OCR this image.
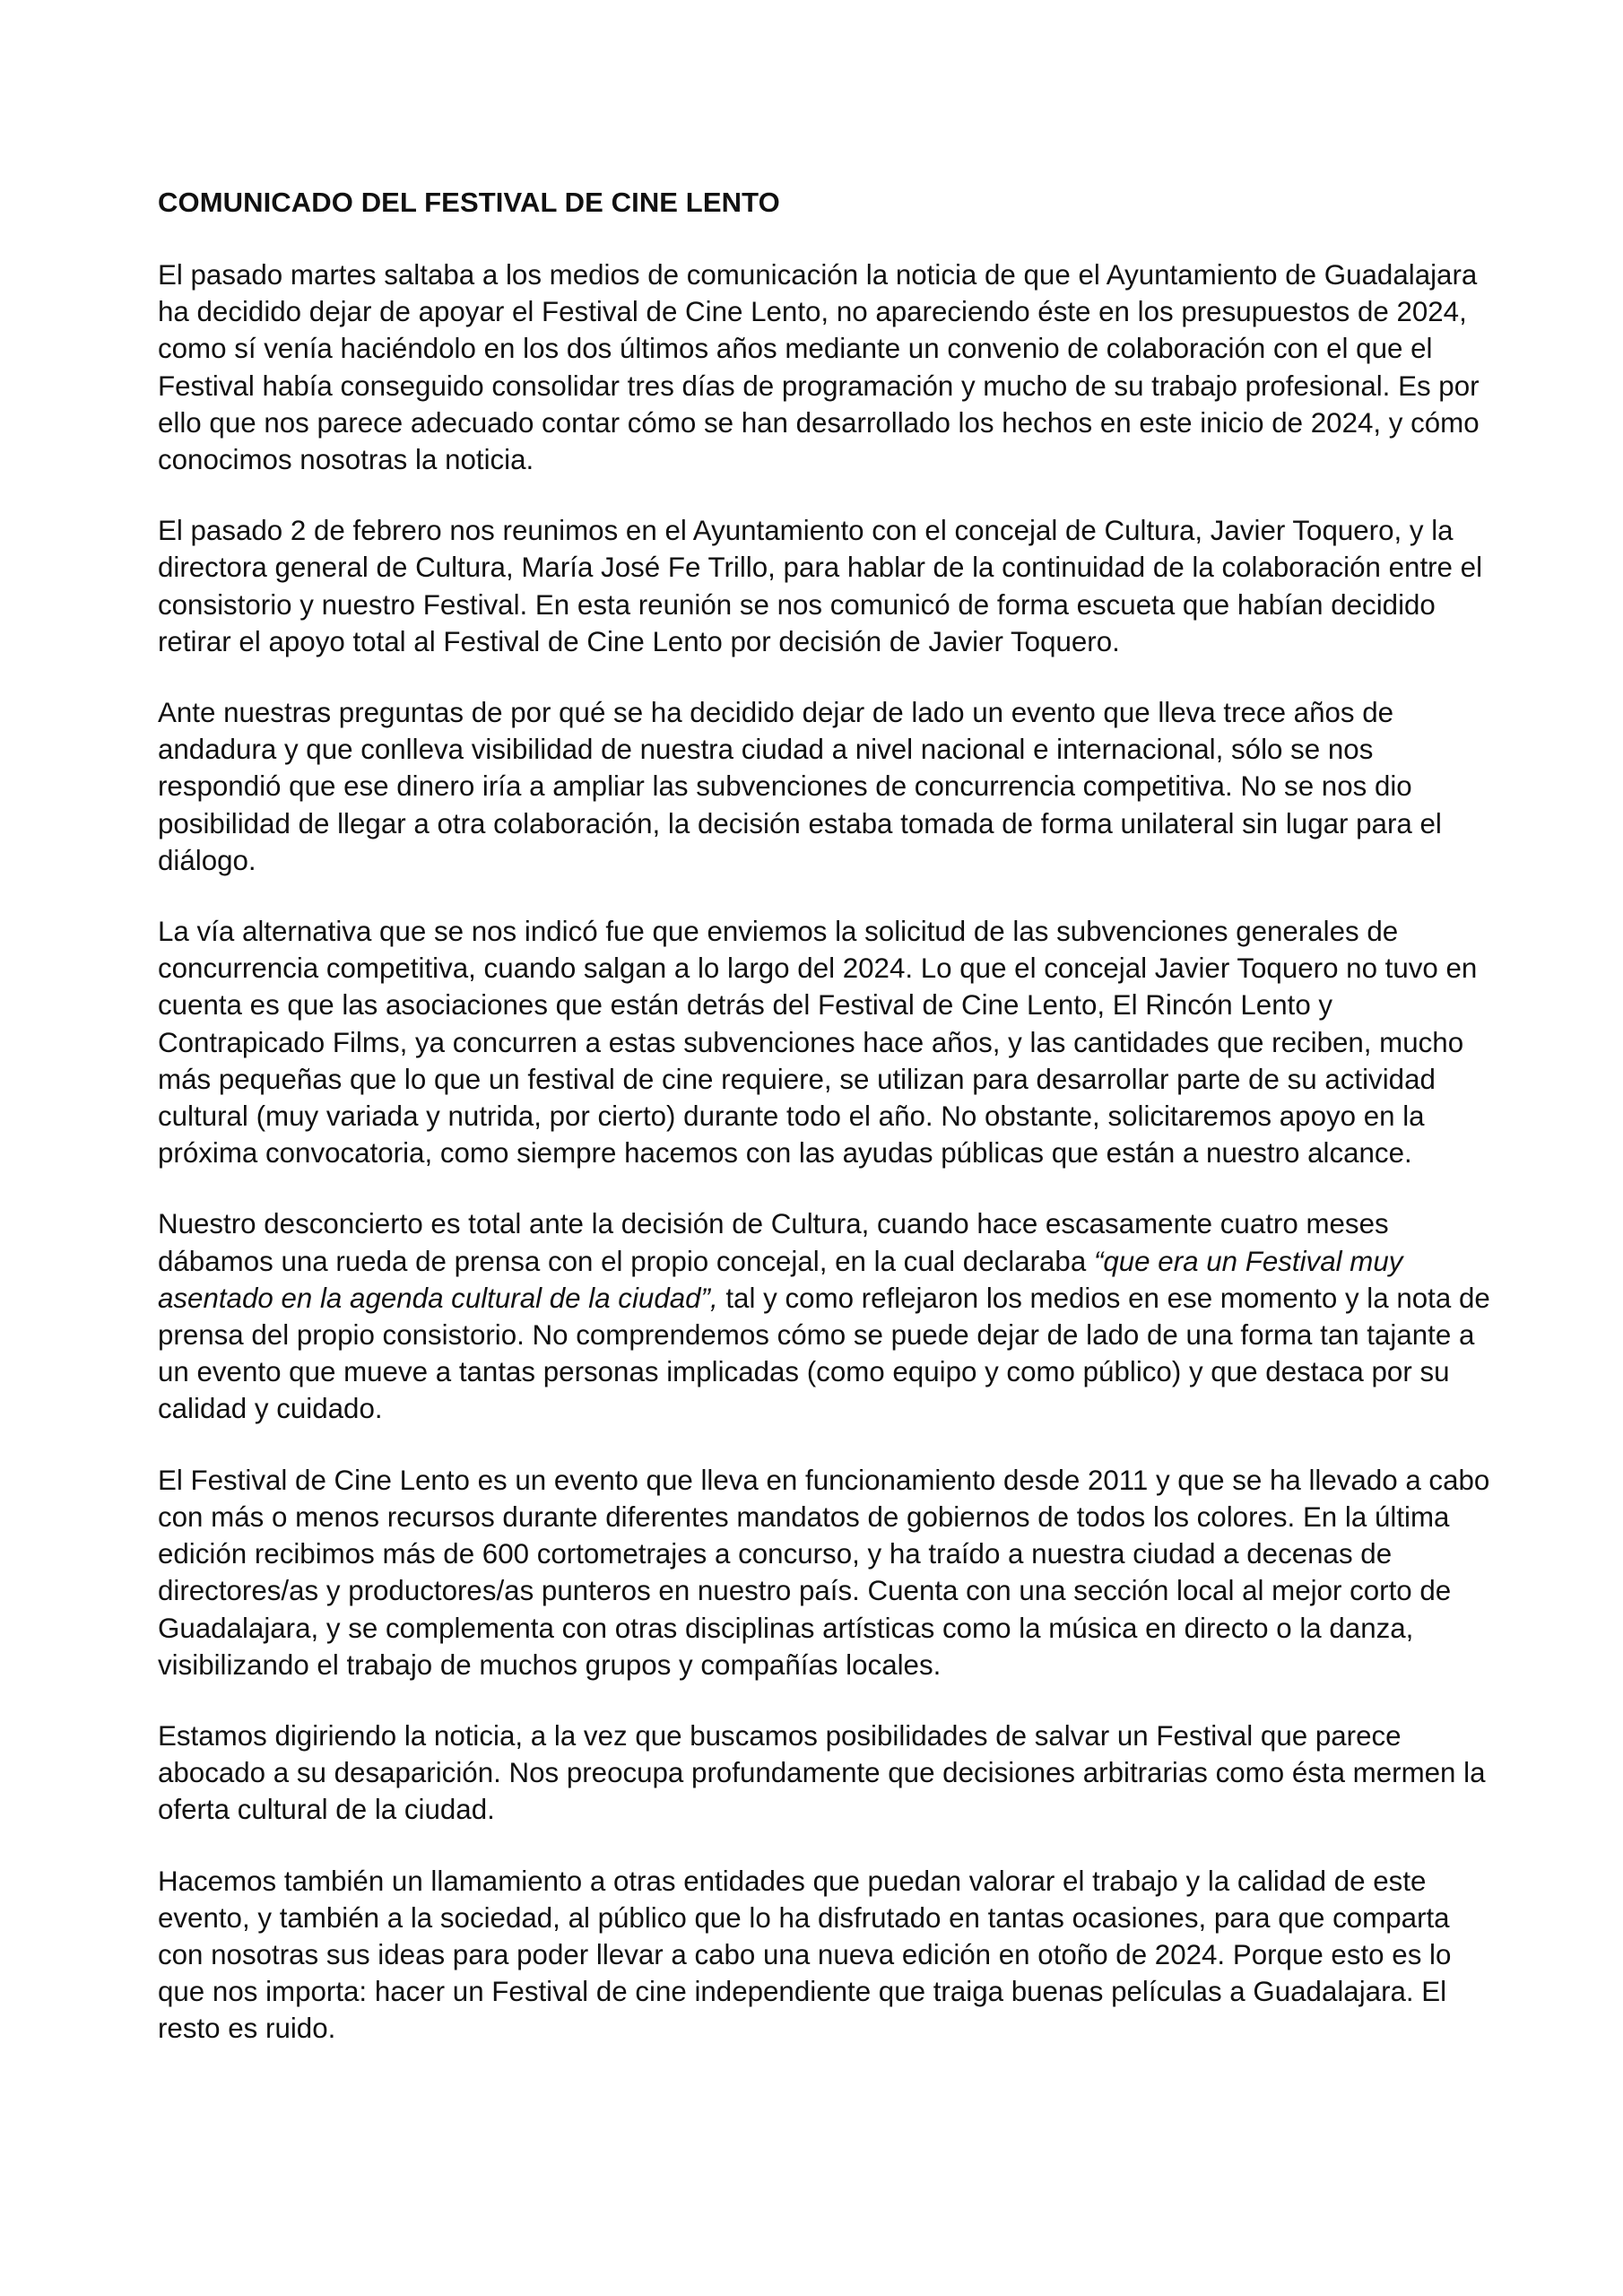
COMUNICADO DEL FESTIVAL DE CINE LENTO

El pasado martes saltaba a los medios de comunicación la noticia de que el Ayuntamiento de Guadalajara ha decidido dejar de apoyar el Festival de Cine Lento, no apareciendo éste en los presupuestos de 2024, como sí venía haciéndolo en los dos últimos años mediante un convenio de colaboración con el que el Festival había conseguido consolidar tres días de programación y mucho de su trabajo profesional. Es por ello que nos parece adecuado contar cómo se han desarrollado los hechos en este inicio de 2024, y cómo conocimos nosotras la noticia.

El pasado 2 de febrero nos reunimos en el Ayuntamiento con el concejal de Cultura, Javier Toquero, y la directora general de Cultura, María José Fe Trillo, para hablar de la continuidad de la colaboración entre el consistorio y nuestro Festival. En esta reunión se nos comunicó de forma escueta que habían decidido retirar el apoyo total al Festival de Cine Lento por decisión de Javier Toquero.

Ante nuestras preguntas de por qué se ha decidido dejar de lado un evento que lleva trece años de andadura y que conlleva visibilidad de nuestra ciudad a nivel nacional e internacional, sólo se nos respondió que ese dinero iría a ampliar las subvenciones de concurrencia competitiva. No se nos dio posibilidad de llegar a otra colaboración, la decisión estaba tomada de forma unilateral sin lugar para el diálogo.

La vía alternativa que se nos indicó fue que enviemos la solicitud de las subvenciones generales de concurrencia competitiva, cuando salgan a lo largo del 2024. Lo que el concejal Javier Toquero no tuvo en cuenta es que las asociaciones que están detrás del Festival de Cine Lento, El Rincón Lento y Contrapicado Films, ya concurren a estas subvenciones hace años, y las cantidades que reciben, mucho más pequeñas que lo que un festival de cine requiere, se utilizan para desarrollar parte de su actividad cultural (muy variada y nutrida, por cierto) durante todo el año. No obstante, solicitaremos apoyo en la próxima convocatoria, como siempre hacemos con las ayudas públicas que están a nuestro alcance.

Nuestro desconcierto es total ante la decisión de Cultura, cuando hace escasamente cuatro meses dábamos una rueda de prensa con el propio concejal, en la cual declaraba “que era un Festival muy asentado en la agenda cultural de la ciudad”, tal y como reflejaron los medios en ese momento y la nota de prensa del propio consistorio. No comprendemos cómo se puede dejar de lado de una forma tan tajante a un evento que mueve a tantas personas implicadas (como equipo y como público) y que destaca por su calidad y cuidado.

El Festival de Cine Lento es un evento que lleva en funcionamiento desde 2011 y que se ha llevado a cabo con más o menos recursos durante diferentes mandatos de gobiernos de todos los colores. En la última edición recibimos más de 600 cortometrajes a concurso, y ha traído a nuestra ciudad a decenas de directores/as y productores/as punteros en nuestro país. Cuenta con una sección local al mejor corto de Guadalajara, y se complementa con otras disciplinas artísticas como la música en directo o la danza, visibilizando el trabajo de muchos grupos y compañías locales.

Estamos digiriendo la noticia, a la vez que buscamos posibilidades de salvar un Festival que parece abocado a su desaparición. Nos preocupa profundamente que decisiones arbitrarias como ésta mermen la oferta cultural de la ciudad.

Hacemos también un llamamiento a otras entidades que puedan valorar el trabajo y la calidad de este evento, y también a la sociedad, al público que lo ha disfrutado en tantas ocasiones, para que comparta con nosotras sus ideas para poder llevar a cabo una nueva edición en otoño de 2024. Porque esto es lo que nos importa: hacer un Festival de cine independiente que traiga buenas películas a Guadalajara. El resto es ruido.
